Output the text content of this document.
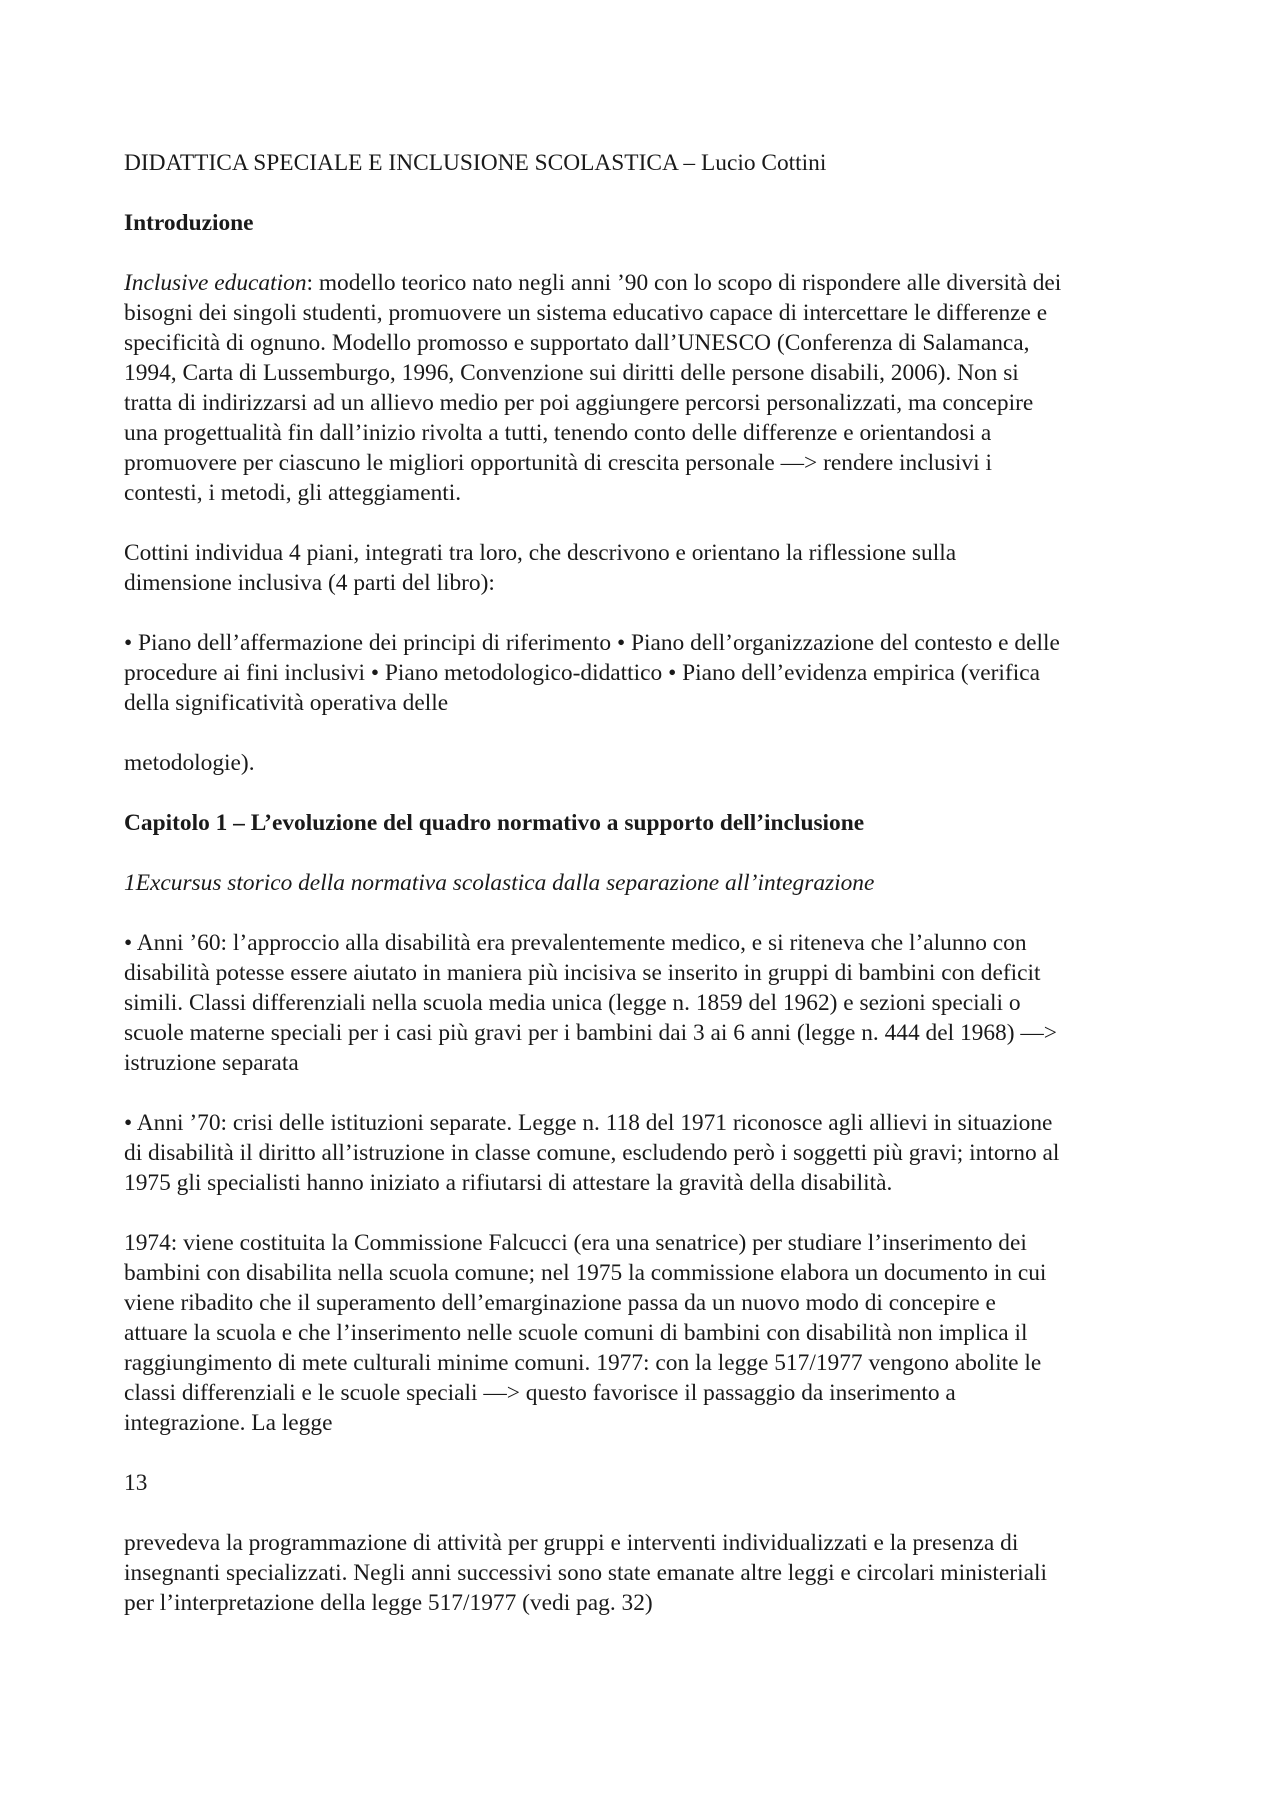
DIDATTICA SPECIALE E INCLUSIONE SCOLASTICA – Lucio Cottini
Introduzione
Inclusive education: modello teorico nato negli anni ’90 con lo scopo di rispondere alle diversità dei
bisogni dei singoli studenti, promuovere un sistema educativo capace di intercettare le differenze e
specificità di ognuno. Modello promosso e supportato dall’UNESCO (Conferenza di Salamanca,
1994, Carta di Lussemburgo, 1996, Convenzione sui diritti delle persone disabili, 2006). Non si
tratta di indirizzarsi ad un allievo medio per poi aggiungere percorsi personalizzati, ma concepire
una progettualità fin dall’inizio rivolta a tutti, tenendo conto delle differenze e orientandosi a
promuovere per ciascuno le migliori opportunità di crescita personale —> rendere inclusivi i
contesti, i metodi, gli atteggiamenti.
Cottini individua 4 piani, integrati tra loro, che descrivono e orientano la riflessione sulla
dimensione inclusiva (4 parti del libro):
• Piano dell’affermazione dei principi di riferimento • Piano dell’organizzazione del contesto e delle
procedure ai fini inclusivi • Piano metodologico-didattico • Piano dell’evidenza empirica (verifica
della significatività operativa delle
metodologie).
Capitolo 1 – L’evoluzione del quadro normativo a supporto dell’inclusione
1Excursus storico della normativa scolastica dalla separazione all’integrazione
• Anni ’60: l’approccio alla disabilità era prevalentemente medico, e si riteneva che l’alunno con
disabilità potesse essere aiutato in maniera più incisiva se inserito in gruppi di bambini con deficit
simili. Classi differenziali nella scuola media unica (legge n. 1859 del 1962) e sezioni speciali o
scuole materne speciali per i casi più gravi per i bambini dai 3 ai 6 anni (legge n. 444 del 1968) —>
istruzione separata
• Anni ’70: crisi delle istituzioni separate. Legge n. 118 del 1971 riconosce agli allievi in situazione
di disabilità il diritto all’istruzione in classe comune, escludendo però i soggetti più gravi; intorno al
1975 gli specialisti hanno iniziato a rifiutarsi di attestare la gravità della disabilità.
1974: viene costituita la Commissione Falcucci (era una senatrice) per studiare l’inserimento dei
bambini con disabilita nella scuola comune; nel 1975 la commissione elabora un documento in cui
viene ribadito che il superamento dell’emarginazione passa da un nuovo modo di concepire e
attuare la scuola e che l’inserimento nelle scuole comuni di bambini con disabilità non implica il
raggiungimento di mete culturali minime comuni. 1977: con la legge 517/1977 vengono abolite le
classi differenziali e le scuole speciali —> questo favorisce il passaggio da inserimento a
integrazione. La legge
13
prevedeva la programmazione di attività per gruppi e interventi individualizzati e la presenza di
insegnanti specializzati. Negli anni successivi sono state emanate altre leggi e circolari ministeriali
per l’interpretazione della legge 517/1977 (vedi pag. 32)
